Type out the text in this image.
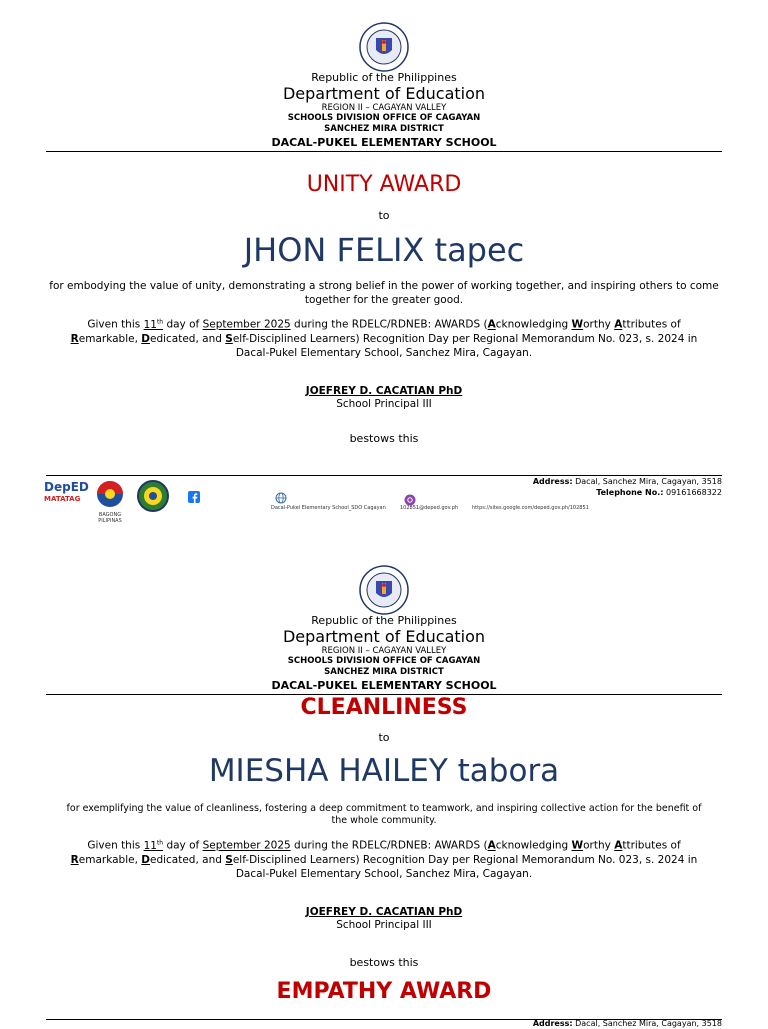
Republic of the Philippines
Department of Education
REGION II – CAGAYAN VALLEY
SCHOOLS DIVISION OFFICE OF CAGAYAN
SANCHEZ MIRA DISTRICT
DACAL-PUKEL ELEMENTARY SCHOOL
UNITY AWARD
to
JHON FELIX tapec
for embodying the value of unity, demonstrating a strong belief in the power of working together, and inspiring others to come together for the greater good.
Given this 11th day of September 2025 during the RDELC/RDNEB: AWARDS (Acknowledging Worthy Attributes of Remarkable, Dedicated, and Self-Disciplined Learners) Recognition Day per Regional Memorandum No. 023, s. 2024 in Dacal-Pukel Elementary School, Sanchez Mira, Cagayan.
JOEFREY D. CACATIAN PhD
School Principal III
bestows this
DepED
MATATAG
BAGONG PILIPINAS
Dacal-Pukel Elementary School_SDO Cagayan	102851@deped.gov.ph	https://sites.google.com/deped.gov.ph/102851
Address: Dacal, Sanchez Mira, Cagayan, 3518
Telephone No.: 09161668322
Republic of the Philippines
Department of Education
REGION II – CAGAYAN VALLEY
SCHOOLS DIVISION OFFICE OF CAGAYAN
SANCHEZ MIRA DISTRICT
DACAL-PUKEL ELEMENTARY SCHOOL
CLEANLINESS
to
MIESHA HAILEY tabora
for exemplifying the value of cleanliness, fostering a deep commitment to teamwork, and inspiring collective action for the benefit of the whole community.
Given this 11th day of September 2025 during the RDELC/RDNEB: AWARDS (Acknowledging Worthy Attributes of Remarkable, Dedicated, and Self-Disciplined Learners) Recognition Day per Regional Memorandum No. 023, s. 2024 in Dacal-Pukel Elementary School, Sanchez Mira, Cagayan.
JOEFREY D. CACATIAN PhD
School Principal III
bestows this
EMPATHY AWARD
Address: Dacal, Sanchez Mira, Cagayan, 3518
